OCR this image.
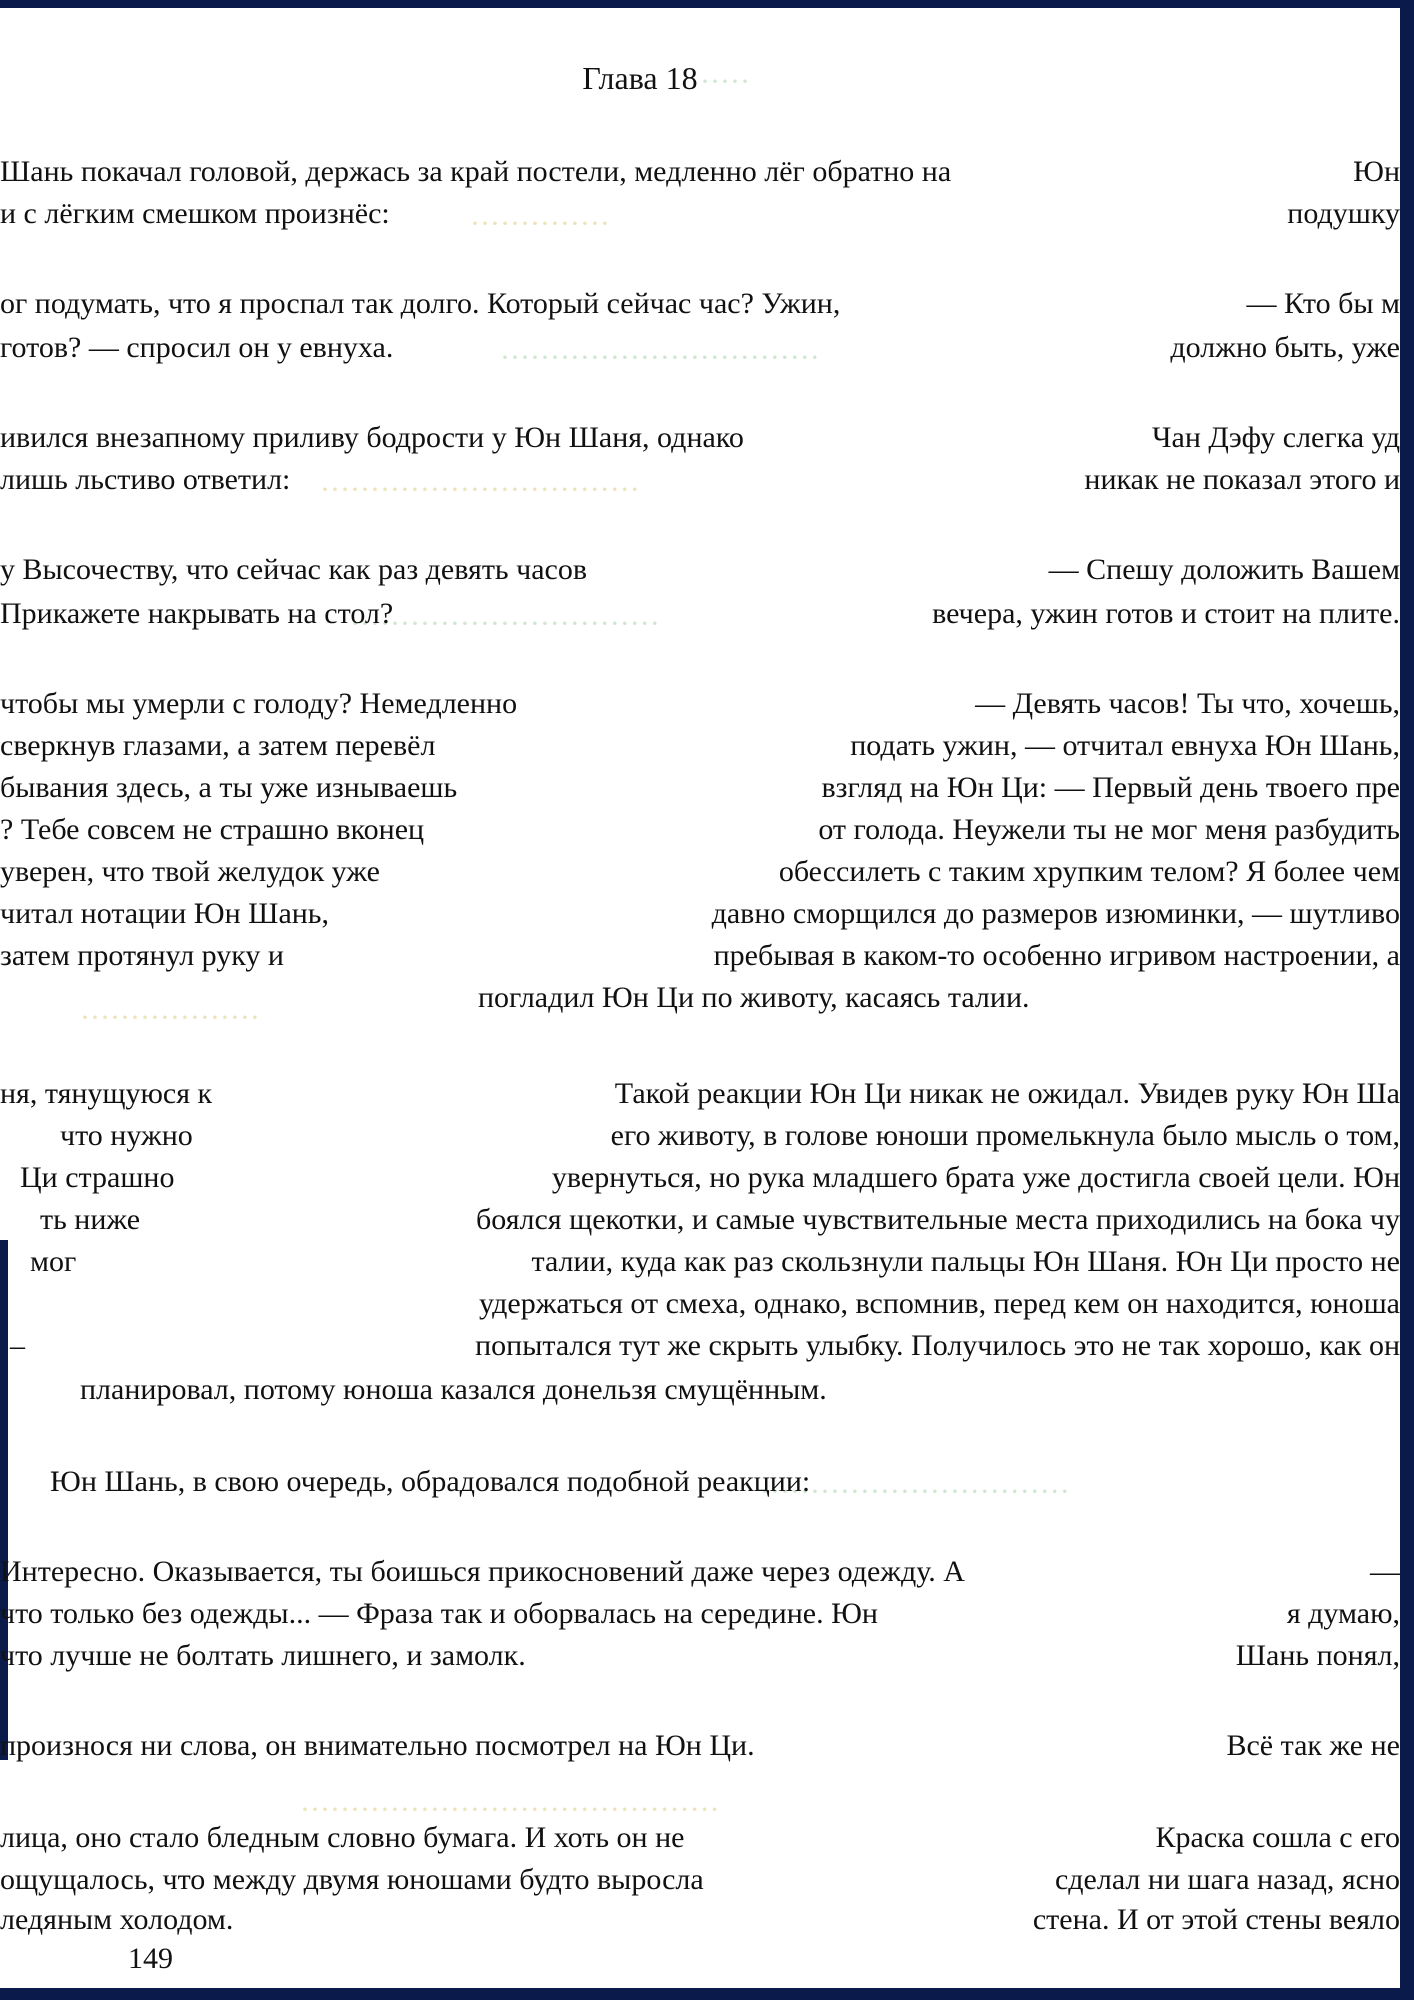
Глава 18 ·····
··············
································
································
·······························
··················
·······························
··········································
Юн
Шань покачал головой, держась за край постели, медленно лёг обратно на
подушку
и с лёгким смешком произнёс:
— Кто бы м
ог подумать, что я проспал так долго. Который сейчас час? Ужин,
должно быть, уже
готов? — спросил он у евнуха.
Чан Дэфу слегка уд
ивился внезапному приливу бодрости у Юн Шаня, однако
никак не показал этого и
лишь льстиво ответил:
— Спешу доложить Вашем
у Высочеству, что сейчас как раз девять часов
вечера, ужин готов и стоит на плите.
Прикажете накрывать на стол?
— Девять часов! Ты что, хочешь,
чтобы мы умерли с голоду? Немедленно
подать ужин, — отчитал евнуха Юн Шань,
сверкнув глазами, а затем перевёл
взгляд на Юн Ци: — Первый день твоего пре
бывания здесь, а ты уже изнываешь
от голода. Неужели ты не мог меня разбудить
? Тебе совсем не страшно вконец
обессилеть с таким хрупким телом? Я более чем
уверен, что твой желудок уже
давно сморщился до размеров изюминки, — шутливо
читал нотации Юн Шань,
пребывая в каком-то особенно игривом настроении, а
затем протянул руку и
погладил Юн Ци по животу, касаясь талии.
Такой реакции Юн Ци никак не ожидал. Увидев руку Юн Ша
ня, тянущуюся к
его животу, в голове юноши промелькнула было мысль о том,
что нужно
увернуться, но рука младшего брата уже достигла своей цели. Юн
Ци страшно
боялся щекотки, и самые чувствительные места приходились на бока чу
ть ниже
талии, куда как раз скользнули пальцы Юн Шаня. Юн Ци просто не
мог
удержаться от смеха, однако, вспомнив, перед кем он находится, юноша
попытался тут же скрыть улыбку. Получилось это не так хорошо, как он
–
планировал, потому юноша казался донельзя смущённым.
Юн Шань, в свою очередь, обрадовался подобной реакции:
—
Интересно. Оказывается, ты боишься прикосновений даже через одежду. А
я думаю,
что только без одежды... — Фраза так и оборвалась на середине. Юн
Шань понял,
что лучше не болтать лишнего, и замолк.
Всё так же не
произнося ни слова, он внимательно посмотрел на Юн Ци.
Краска сошла с его
лица, оно стало бледным словно бумага. И хоть он не
сделал ни шага назад, ясно
ощущалось, что между двумя юношами будто выросла
стена. И от этой стены веяло
ледяным холодом.
149
